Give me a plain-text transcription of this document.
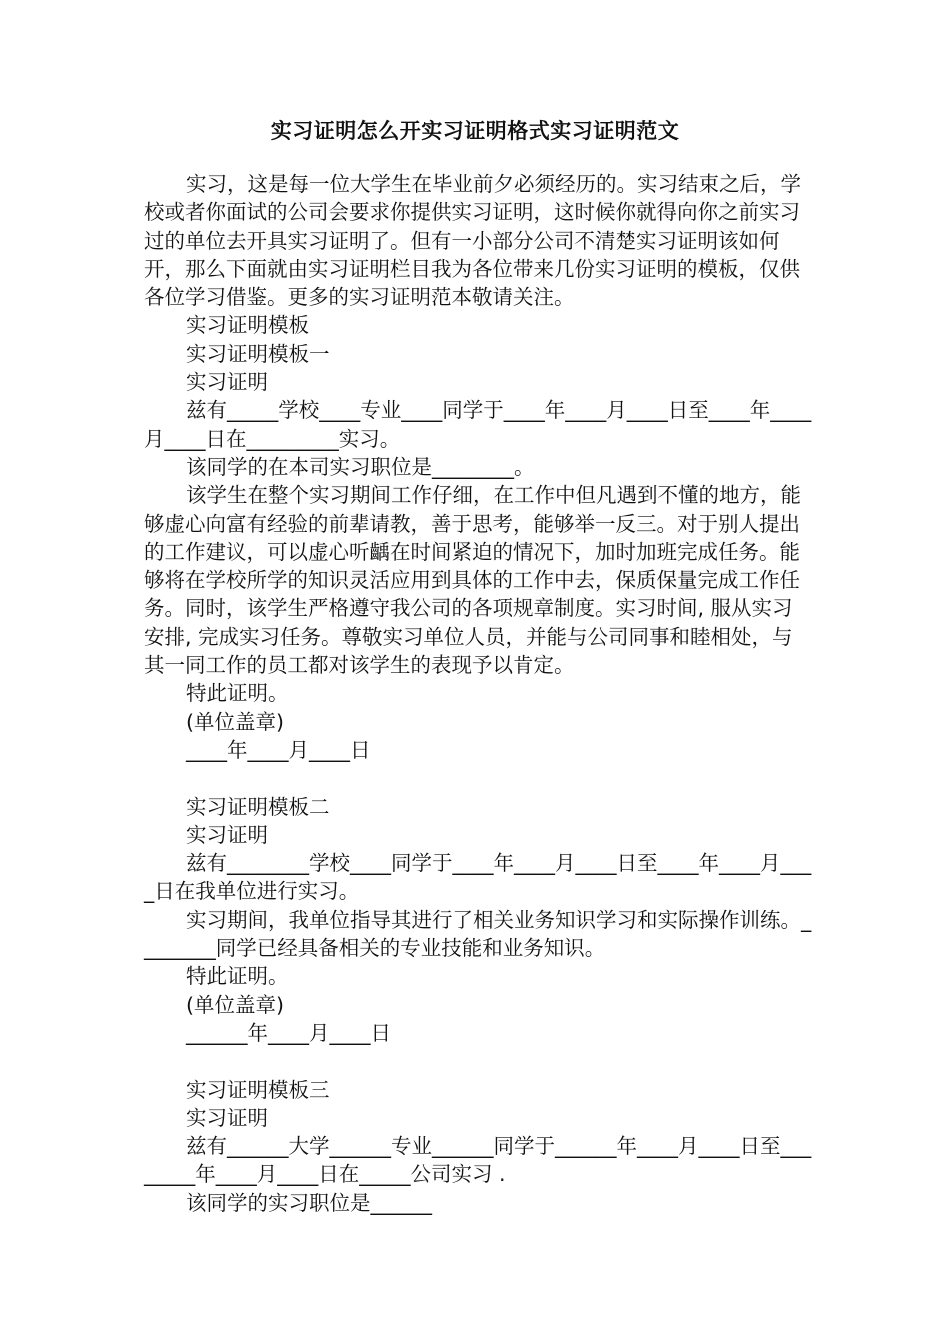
实习证明怎么开实习证明格式实习证明范文

实习，这是每一位大学生在毕业前夕必须经历的。实习结束之后，学校或者你面试的公司会要求你提供实习证明，这时候你就得向你之前实习过的单位去开具实习证明了。但有一小部分公司不清楚实习证明该如何开，那么下面就由实习证明栏目我为各位带来几份实习证明的模板，仅供各位学习借鉴。更多的实习证明范本敬请关注。

实习证明模板

实习证明模板一

实习证明

兹有_____学校____专业____同学于____年____月____日至____年____月____日在_________实习。

该同学的在本司实习职位是________。

该学生在整个实习期间工作仔细，在工作中但凡遇到不懂的地方，能够虚心向富有经验的前辈请教，善于思考，能够举一反三。对于别人提出的工作建议，可以虚心听齲在时间紧迫的情况下，加时加班完成任务。能够将在学校所学的知识灵活应用到具体的工作中去，保质保量完成工作任务。同时，该学生严格遵守我公司的各项规章制度。实习时间, 服从实习安排, 完成实习任务。尊敬实习单位人员，并能与公司同事和睦相处，与其一同工作的员工都对该学生的表现予以肯定。

特此证明。

(单位盖章)

____年____月____日

实习证明模板二

实习证明

兹有________学校____同学于____年____月____日至____年____月____日在我单位进行实习。

实习期间，我单位指导其进行了相关业务知识学习和实际操作训练。________同学已经具备相关的专业技能和业务知识。

特此证明。

(单位盖章)

______年____月____日

实习证明模板三

实习证明

兹有______大学______专业______同学于______年____月____日至________年____月____日在_____公司实习 .

该同学的实习职位是______
